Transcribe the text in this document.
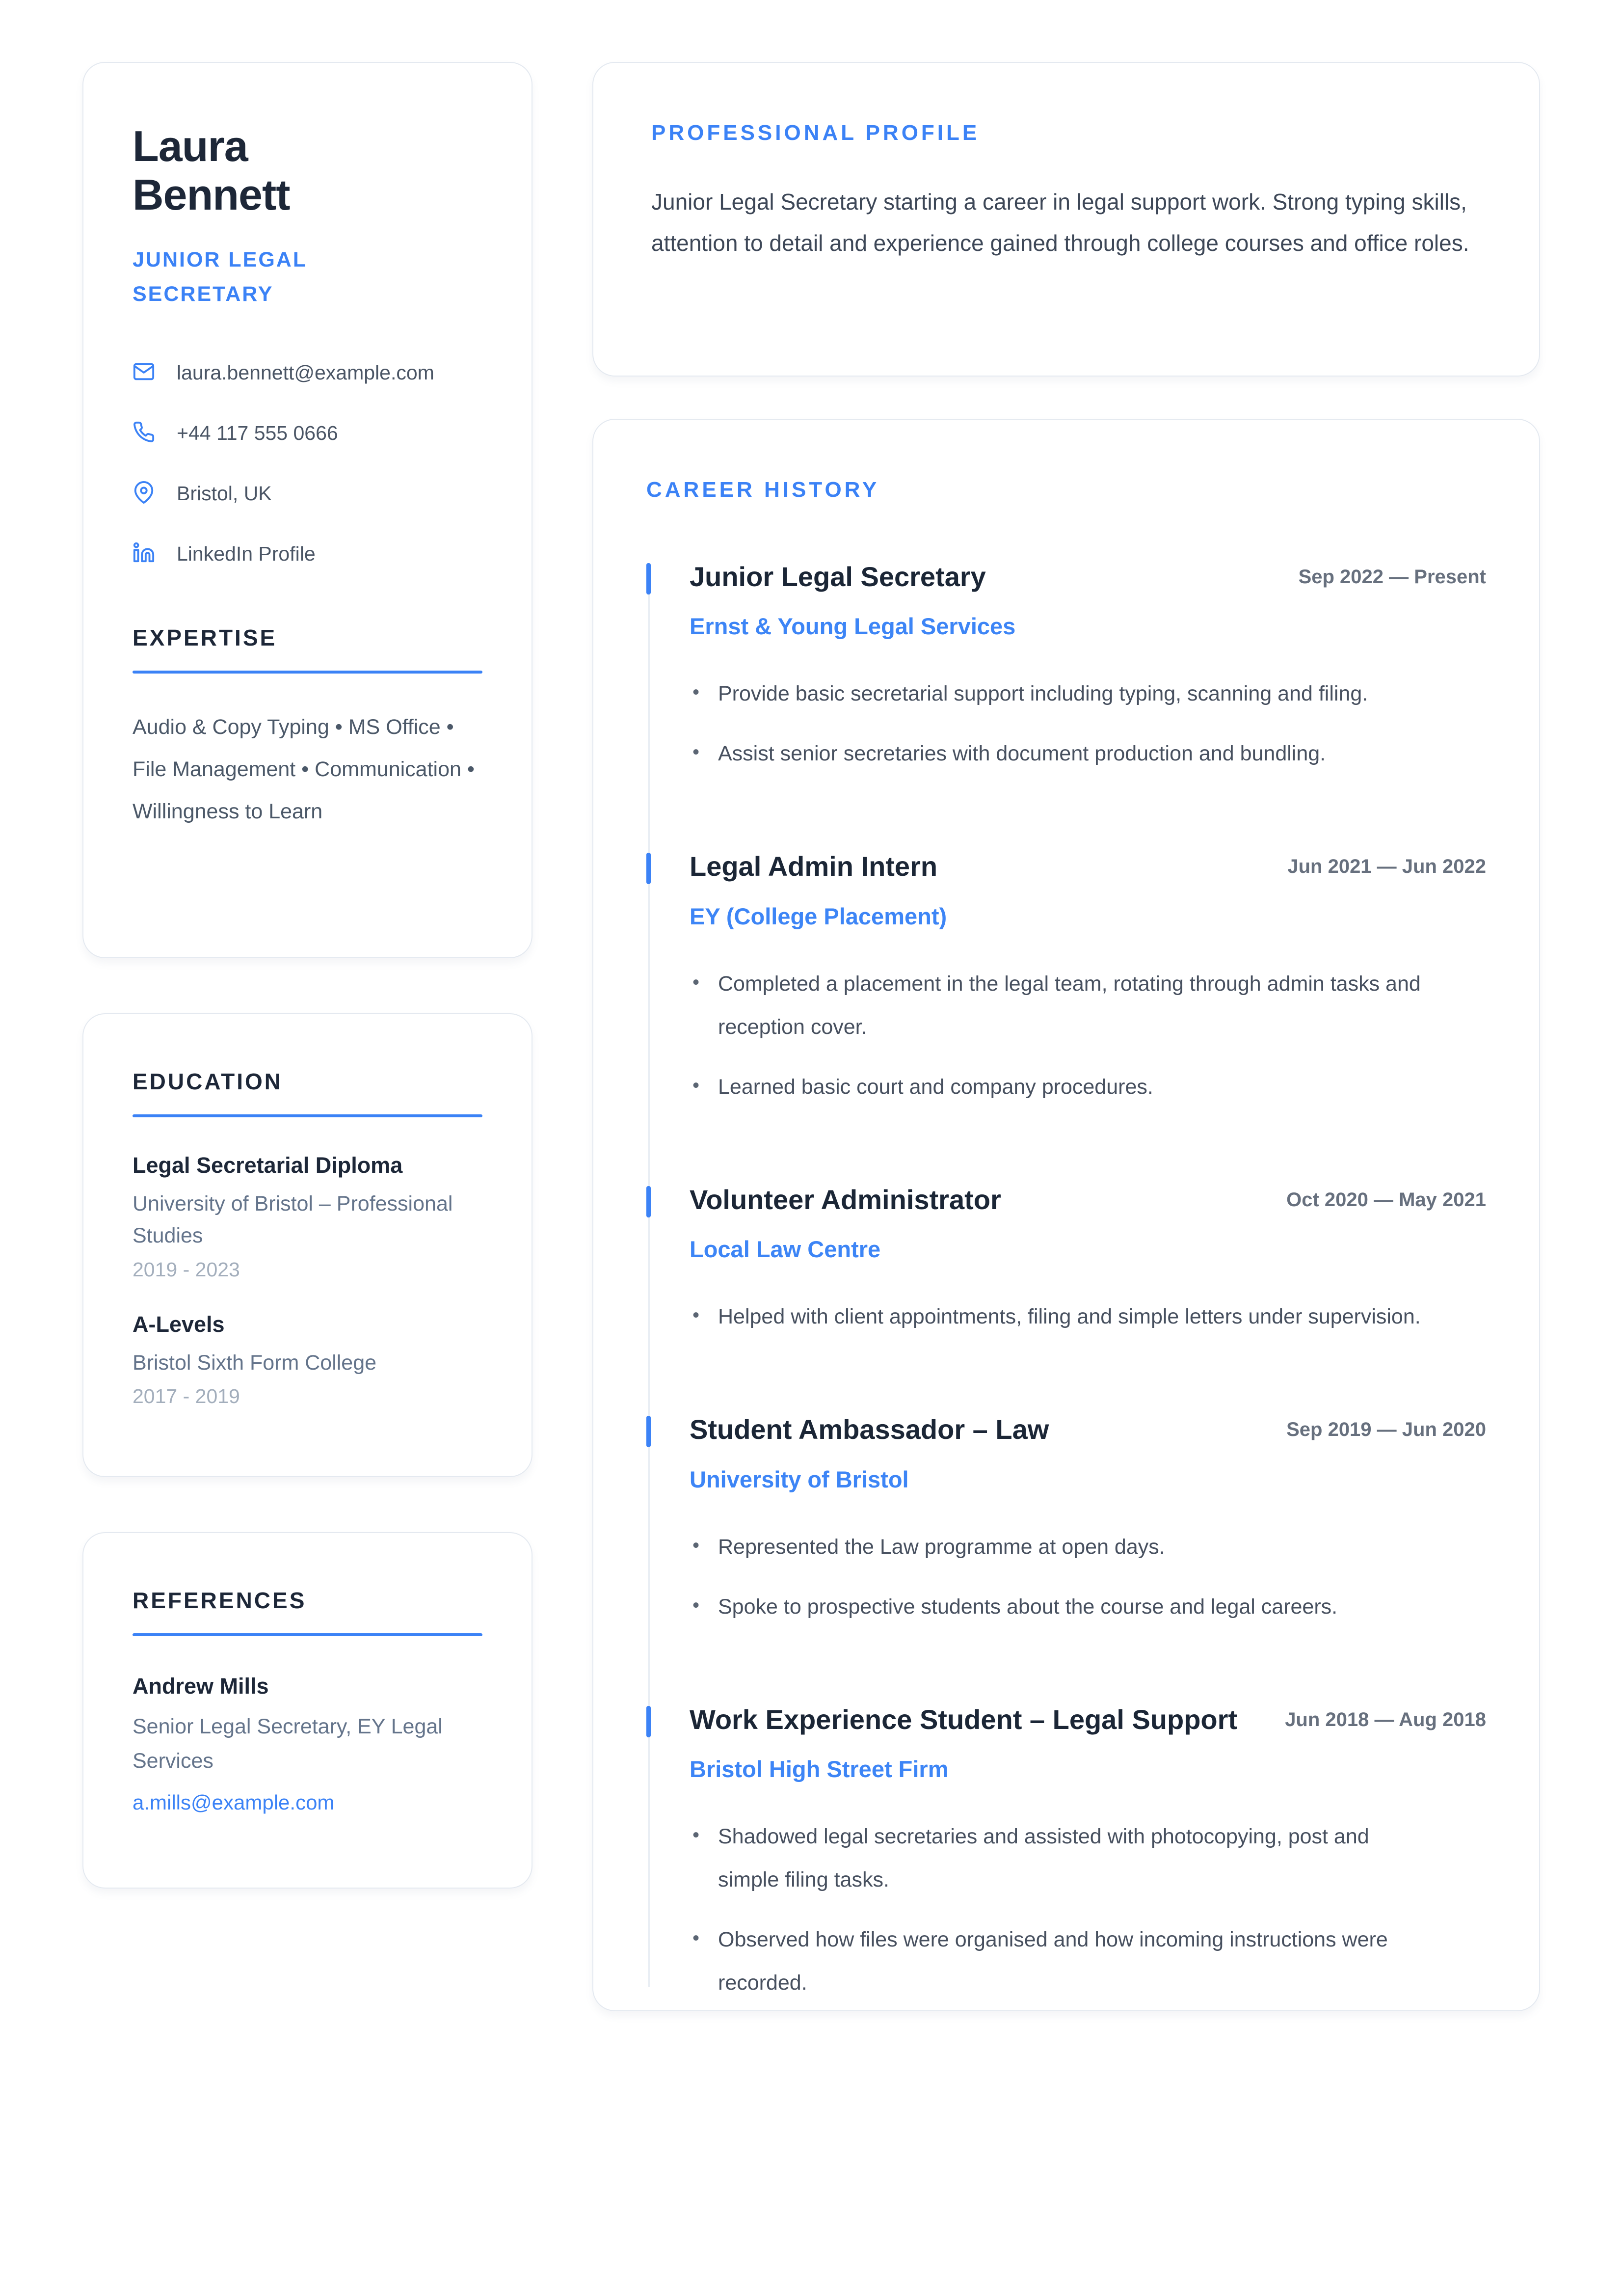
Laura
Bennett
JUNIOR LEGAL SECRETARY
laura.bennett@example.com
+44 117 555 0666
Bristol, UK
LinkedIn Profile
EXPERTISE
Audio & Copy Typing • MS Office • File Management • Communication • Willingness to Learn
EDUCATION
Legal Secretarial Diploma
University of Bristol – Professional Studies
2019 - 2023
A-Levels
Bristol Sixth Form College
2017 - 2019
REFERENCES
Andrew Mills
Senior Legal Secretary, EY Legal Services
a.mills@example.com
PROFESSIONAL PROFILE
Junior Legal Secretary starting a career in legal support work. Strong typing skills, attention to detail and experience gained through college courses and office roles.
CAREER HISTORY
Junior Legal Secretary	Sep 2022 — Present
Ernst & Young Legal Services
• Provide basic secretarial support including typing, scanning and filing.
• Assist senior secretaries with document production and bundling.
Legal Admin Intern	Jun 2021 — Jun 2022
EY (College Placement)
• Completed a placement in the legal team, rotating through admin tasks and reception cover.
• Learned basic court and company procedures.
Volunteer Administrator	Oct 2020 — May 2021
Local Law Centre
• Helped with client appointments, filing and simple letters under supervision.
Student Ambassador – Law	Sep 2019 — Jun 2020
University of Bristol
• Represented the Law programme at open days.
• Spoke to prospective students about the course and legal careers.
Work Experience Student – Legal Support Jun 2018 — Aug 2018
Bristol High Street Firm
• Shadowed legal secretaries and assisted with photocopying, post and simple filing tasks.
• Observed how files were organised and how incoming instructions were recorded.
